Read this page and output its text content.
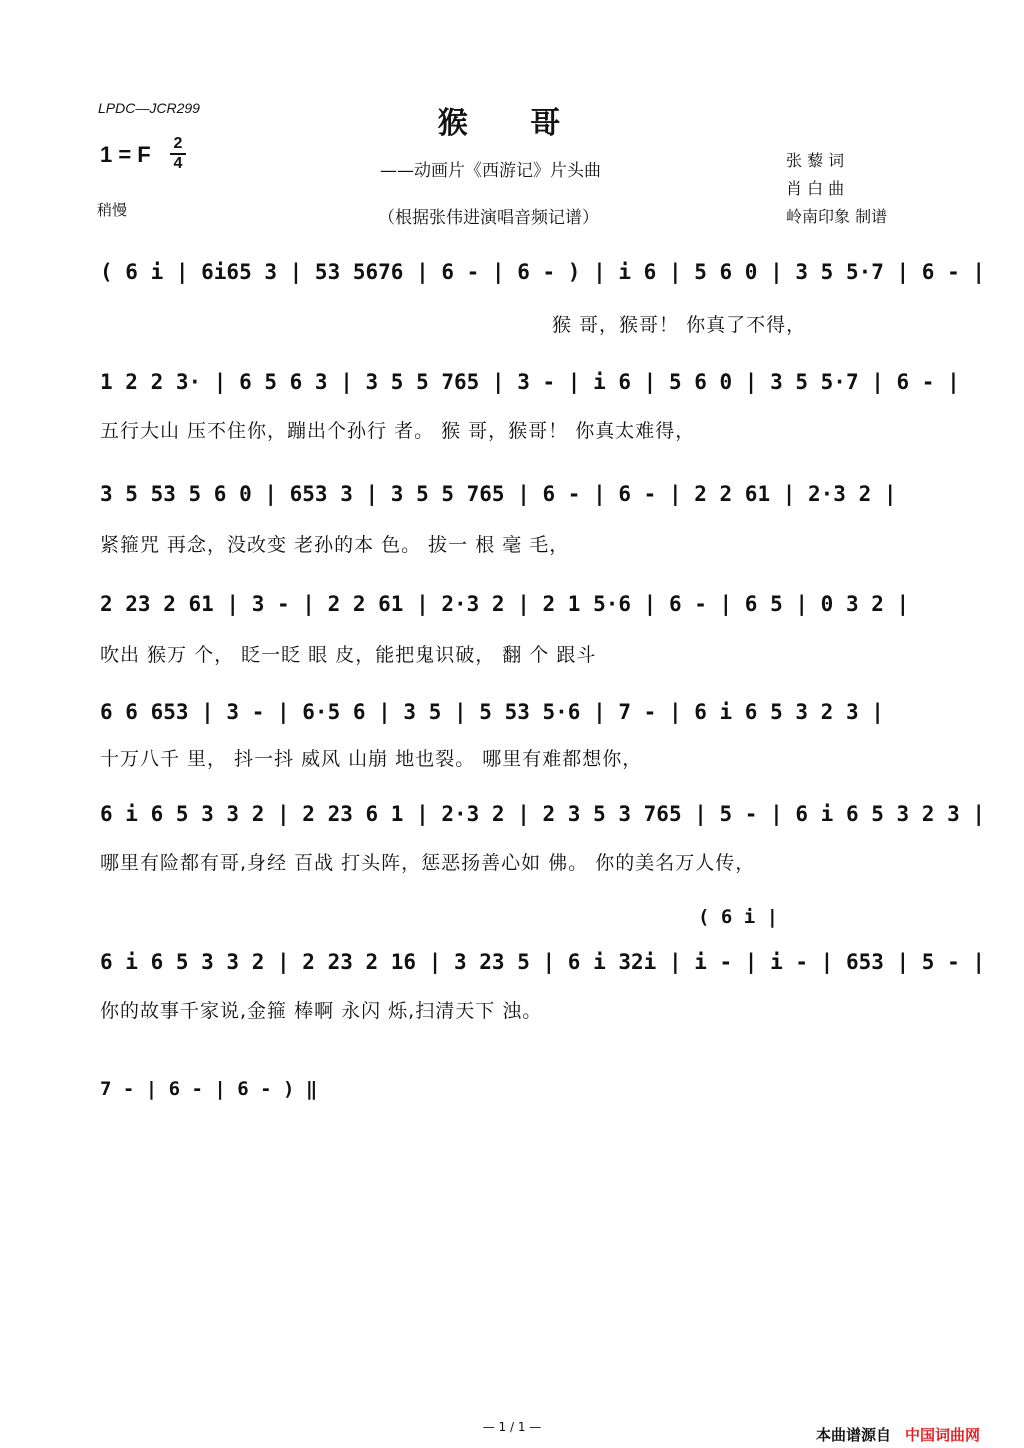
LPDC—JCR299	猴 哥
1 = F 2
4
稍慢
——动画片《西游记》片头曲
（根据张伟进演唱音频记谱）
张 藜 词
肖 白 曲
岭南印象 制谱
( 6 i | 6i65 3 | 53 5676 | 6 - | 6 - ) | i 6 | 5 6 0 | 3 5 5·7 | 6 - |
猴 哥，猴哥！ 你真了不得，
1 2 2 3· | 6 5 6 3 | 3 5 5 765 | 3 - | i 6 | 5 6 0 | 3 5 5·7 | 6 - |
五行大山 压不住你，蹦出个孙行 者。 猴 哥，猴哥！ 你真太难得，
3 5 53 5 6 0 | 653 3 | 3 5 5 765 | 6 - | 6 - | 2 2 61 | 2·3 2 |
紧箍咒 再念，没改变 老孙的本 色。 拔一 根 毫 毛，
2 23 2 61 | 3 - | 2 2 61 | 2·3 2 | 2 1 5·6 | 6 - | 6 5 | 0 3 2 |
吹出 猴万 个， 眨一眨 眼 皮，能把鬼识破， 翻 个 跟斗
6 6 653 | 3 - | 6·5 6 | 3 5 | 5 53 5·6 | 7 - | 6 i 6 5 3 2 3 |
十万八千 里， 抖一抖 威风 山崩 地也裂。 哪里有难都想你，
6 i 6 5 3 3 2 | 2 23 6 1 | 2·3 2 | 2 3 5 3 765 | 5 - | 6 i 6 5 3 2 3 |
哪里有险都有哥,身经 百战 打头阵，惩恶扬善心如 佛。 你的美名万人传，
( 6 i |
6 i 6 5 3 3 2 | 2 23 2 16 | 3 23 5 | 6 i 32i | i - | i - | 653 | 5 - |
你的故事千家说,金箍 棒啊 永闪 烁,扫清天下 浊。
7 - | 6 - | 6 - ) ‖
— 1 / 1 —	本曲谱源自 中国词曲网
